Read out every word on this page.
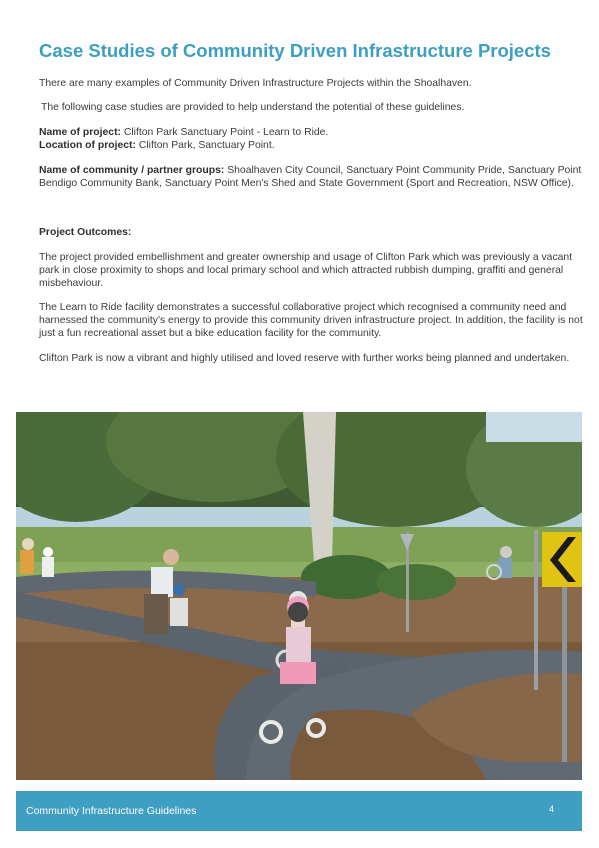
Case Studies of Community Driven Infrastructure Projects

There are many examples of Community Driven Infrastructure Projects within the Shoalhaven.

The following case studies are provided to help understand the potential of these guidelines.

Name of project: Clifton Park Sanctuary Point - Learn to Ride.

Location of project: Clifton Park, Sanctuary Point.

Name of community / partner groups: Shoalhaven City Council, Sanctuary Point Community Pride, Sanctuary Point Bendigo Community Bank, Sanctuary Point Men's Shed and State Government (Sport and Recreation, NSW Office).

Project Outcomes:

The project provided embellishment and greater ownership and usage of Clifton Park which was previously a vacant park in close proximity to shops and local primary school and which attracted rubbish dumping, graffiti and general misbehaviour.

The Learn to Ride facility demonstrates a successful collaborative project which recognised a community need and harnessed the community's energy to provide this community driven infrastructure project. In addition, the facility is not just a fun recreational asset but a bike education facility for the community.

Clifton Park is now a vibrant and highly utilised and loved reserve with further works being planned and undertaken.

Community Infrastructure Guidelines	4
